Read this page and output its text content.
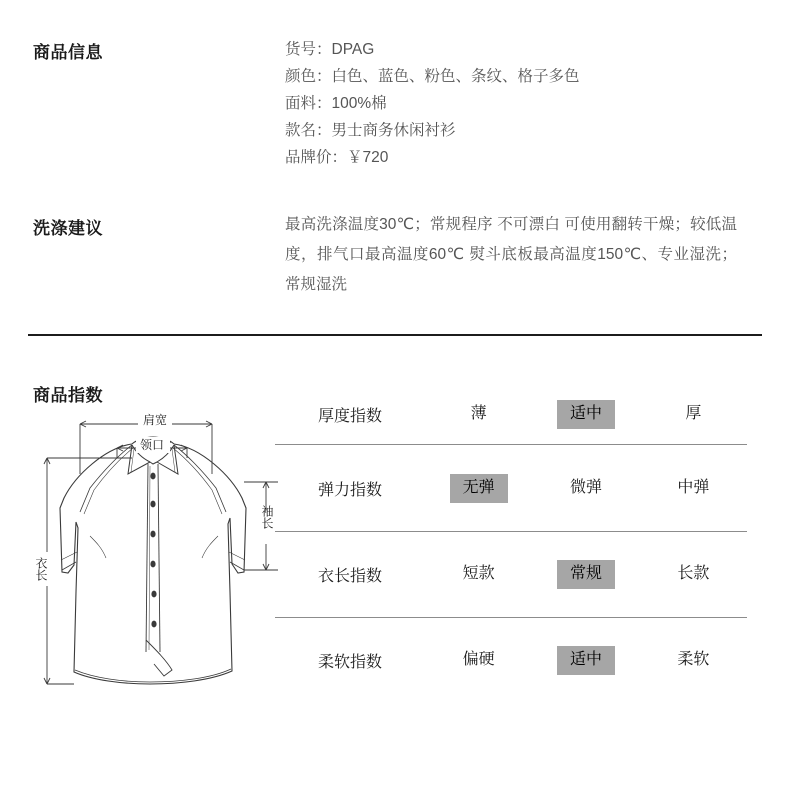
商品信息	货号：DPAG
颜色：白色、蓝色、粉色、条纹、格子多色
面料：100%棉
款名：男士商务休闲衬衫
品牌价：￥720
洗涤建议	最高洗涤温度30℃；常规程序 不可漂白 可使用翻转干燥；较低温度，排气口最高温度60℃ 熨斗底板最高温度150℃、专业湿洗；常规湿洗
商品指数
肩宽
领口
衣长
袖长
厚度指数	薄	适中	厚
弹力指数	无弹	微弹	中弹
衣长指数	短款	常规	长款
柔软指数	偏硬	适中	柔软
